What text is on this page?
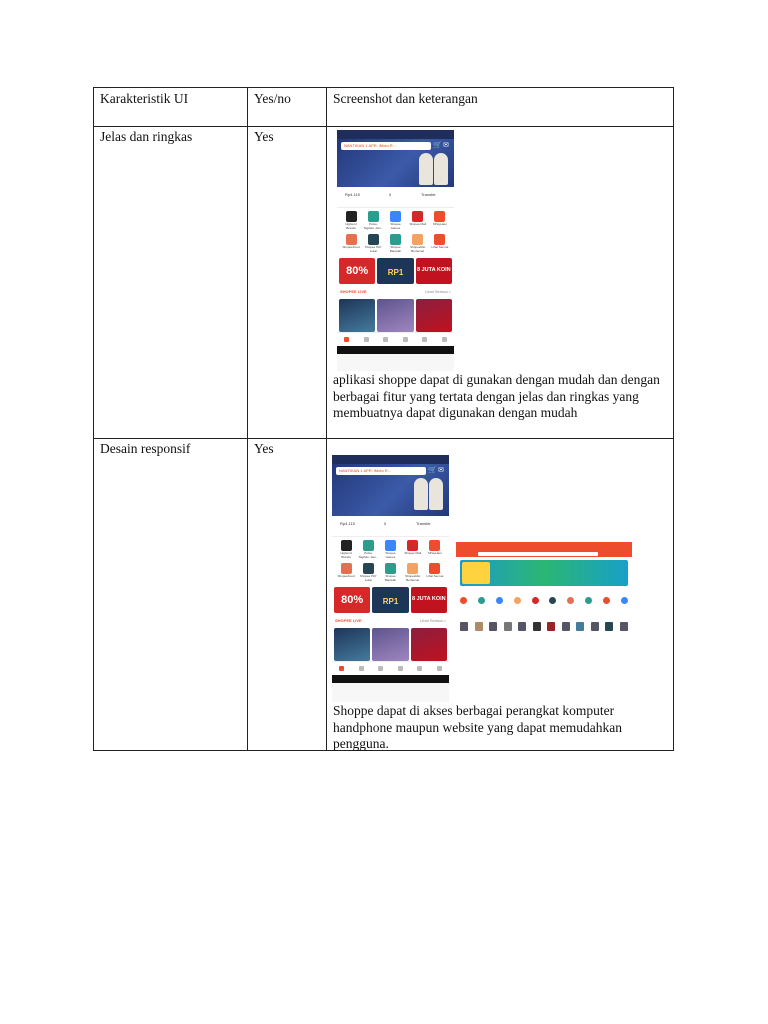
Karakteristik UI	Yes/no	Screenshot dan keterangan
Jelas dan ringkas	Yes
aplikasi shoppe dapat di gunakan dengan mudah dan dengan berbagai fitur yang tertata dengan jelas dan ringkas yang membuatnya dapat digunakan dengan mudah
Desain responsif	Yes
Shoppe dapat di akses berbagai perangkat komputer handphone maupun website yang dapat memudahkan pengguna.
NANTIKAN 1 APR: iMoto R...	🛒 ✉
Rp4.115	0	Transfer
Highend Brands
Pulsa, Tagihan, dan...
Shopee Games
Shopee Mall	SPayLater
ShopeeFood	Shopee PAY Lokal
Shopee Barokah
ShopeeMei Berhemat
Lihat Semua
80%	RP1	8 JUTA KOIN
SHOPEE LIVE	Lihat Semua >
NANTIKAN 1 APR: iMoto R...	🛒 ✉
Rp4.115	0	Transfer
Highend Brands
Pulsa, Tagihan, dan...
Shopee Games
Shopee Mall	SPayLater
ShopeeFood	Shopee PAY Lokal
Shopee Barokah
ShopeeMei Berhemat
Lihat Semua
80%	RP1	8 JUTA KOIN
SHOPEE LIVE	Lihat Semua >
